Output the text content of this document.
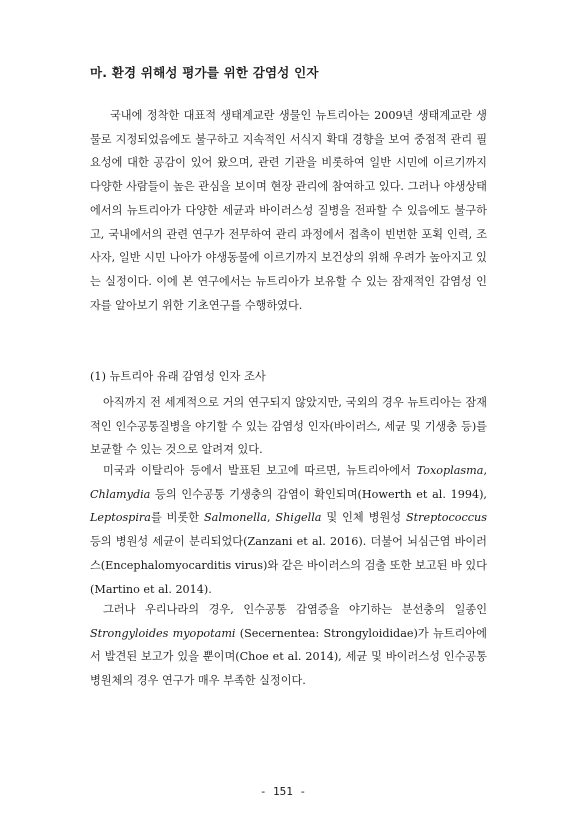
마. 환경 위해성 평가를 위한 감염성 인자

국내에 정착한 대표적 생태계교란 생물인 뉴트리아는 2009년 생태계교란 생물로 지정되었음에도 불구하고 지속적인 서식지 확대 경향을 보여 중점적 관리 필요성에 대한 공감이 있어 왔으며, 관련 기관을 비롯하여 일반 시민에 이르기까지 다양한 사람들이 높은 관심을 보이며 현장 관리에 참여하고 있다. 그러나 야생상태에서의 뉴트리아가 다양한 세균과 바이러스성 질병을 전파할 수 있음에도 불구하고, 국내에서의 관련 연구가 전무하여 관리 과정에서 접촉이 빈번한 포획 인력, 조사자, 일반 시민 나아가 야생동물에 이르기까지 보건상의 위해 우려가 높아지고 있는 실정이다. 이에 본 연구에서는 뉴트리아가 보유할 수 있는 잠재적인 감염성 인자를 알아보기 위한 기초연구를 수행하였다.

(1) 뉴트리아 유래 감염성 인자 조사

아직까지 전 세계적으로 거의 연구되지 않았지만, 국외의 경우 뉴트리아는 잠재적인 인수공통질병을 야기할 수 있는 감염성 인자(바이러스, 세균 및 기생충 등)를 보균할 수 있는 것으로 알려져 있다.

미국과 이탈리아 등에서 발표된 보고에 따르면, 뉴트리아에서 Toxoplasma, Chlamydia 등의 인수공통 기생충의 감염이 확인되며(Howerth et al. 1994), Leptospira를 비롯한 Salmonella, Shigella 및 인체 병원성 Streptococcus 등의 병원성 세균이 분리되었다(Zanzani et al. 2016). 더불어 뇌심근염 바이러스(Encephalomyocarditis virus)와 같은 바이러스의 검출 또한 보고된 바 있다(Martino et al. 2014).

그러나 우리나라의 경우, 인수공통 감염증을 야기하는 분선충의 일종인 Strongyloides myopotami (Secernentea: Strongyloididae)가 뉴트리아에서 발견된 보고가 있을 뿐이며(Choe et al. 2014), 세균 및 바이러스성 인수공통 병원체의 경우 연구가 매우 부족한 실정이다.

- 151 -
